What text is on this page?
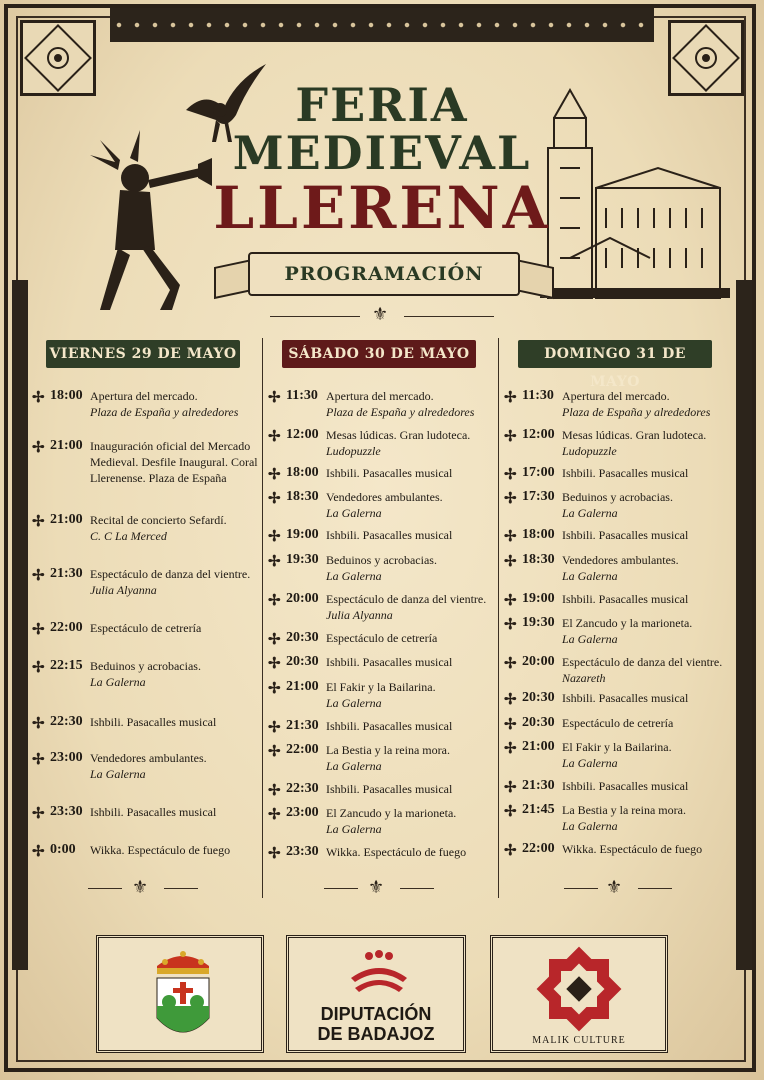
FERIA
MEDIEVAL
LLERENA
PROGRAMACIÓN
⚜
VIERNES 29 DE MAYO	SÁBADO 30 DE MAYO	DOMINGO 31 DE MAYO
✢ 18:00 Apertura del mercado.
Plaza de España y alrededores
✢ 21:00 Inauguración oficial del Mercado Medieval. Desfile Inaugural. Coral Llerenense. Plaza de España
✢ 21:00 Recital de concierto Sefardí.
C. C La Merced
✢ 21:30 Espectáculo de danza del vientre.
Julia Alyanna
✢ 22:00 Espectáculo de cetrería
✢ 22:15 Beduinos y acrobacias.
La Galerna
✢ 22:30 Ishbili. Pasacalles musical
✢ 23:00 Vendedores ambulantes.
La Galerna
✢ 23:30 Ishbili. Pasacalles musical
✢ 0:00 Wikka. Espectáculo de fuego
✢ 11:30 Apertura del mercado.
Plaza de España y alrededores
✢ 12:00 Mesas lúdicas. Gran ludoteca.
Ludopuzzle
✢ 18:00 Ishbili. Pasacalles musical
✢ 18:30 Vendedores ambulantes.
La Galerna
✢ 19:00 Ishbili. Pasacalles musical
✢ 19:30 Beduinos y acrobacias.
La Galerna
✢ 20:00 Espectáculo de danza del vientre.
Julia Alyanna
✢ 20:30 Espectáculo de cetrería
✢ 20:30 Ishbili. Pasacalles musical
✢ 21:00 El Fakir y la Bailarina.
La Galerna
✢ 21:30 Ishbili. Pasacalles musical
✢ 22:00 La Bestia y la reina mora.
La Galerna
✢ 22:30 Ishbili. Pasacalles musical
✢ 23:00 El Zancudo y la marioneta.
La Galerna
✢ 23:30 Wikka. Espectáculo de fuego
✢ 11:30 Apertura del mercado.
Plaza de España y alrededores
✢ 12:00 Mesas lúdicas. Gran ludoteca.
Ludopuzzle
✢ 17:00 Ishbili. Pasacalles musical
✢ 17:30 Beduinos y acrobacias.
La Galerna
✢ 18:00 Ishbili. Pasacalles musical
✢ 18:30 Vendedores ambulantes.
La Galerna
✢ 19:00 Ishbili. Pasacalles musical
✢ 19:30 El Zancudo y la marioneta.
La Galerna
✢ 20:00 Espectáculo de danza del vientre.
Nazareth
✢ 20:30 Ishbili. Pasacalles musical
✢ 20:30 Espectáculo de cetrería
✢ 21:00 El Fakir y la Bailarina.
La Galerna
✢ 21:30 Ishbili. Pasacalles musical
✢ 21:45 La Bestia y la reina mora.
La Galerna
✢ 22:00 Wikka. Espectáculo de fuego
⚜	⚜	⚜
DIPUTACIÓN
DE BADAJOZ	MALIK CULTURE
